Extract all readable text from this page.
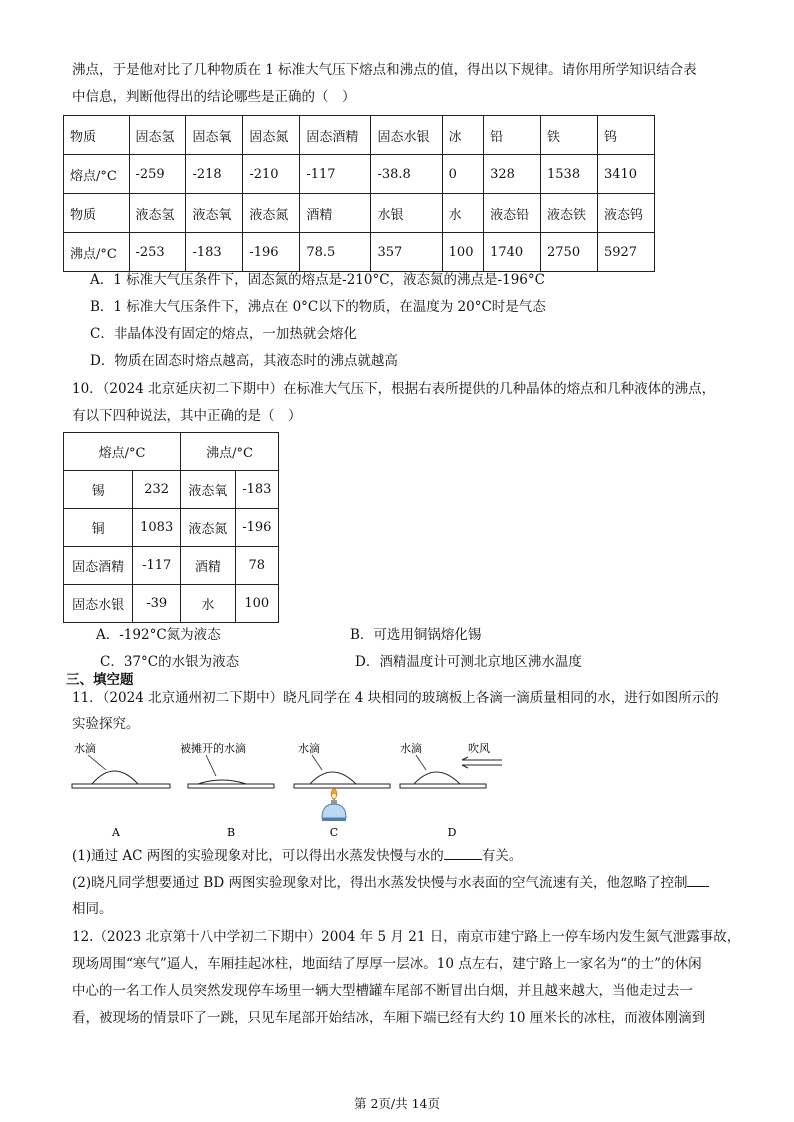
沸点，于是他对比了几种物质在 1 标准大气压下熔点和沸点的值，得出以下规律。请你用所学知识结合表
中信息，判断他得出的结论哪些是正确的（　）
物质	固态氢	固态氧	固态氮	固态酒精	固态水银	冰	铅	铁	钨
熔点/°C	-259	-218	-210	-117	-38.8	0	328	1538	3410
物质	液态氢	液态氧	液态氮	酒精	水银	水	液态铅	液态铁	液态钨
沸点/°C	-253	-183	-196	78.5	357	100	1740	2750	5927
A．1 标准大气压条件下，固态氮的熔点是-210°C，液态氮的沸点是-196°C
B．1 标准大气压条件下，沸点在 0°C以下的物质，在温度为 20°C时是气态
C．非晶体没有固定的熔点，一加热就会熔化
D．物质在固态时熔点越高，其液态时的沸点就越高
10．（2024 北京延庆初二下期中）在标准大气压下，根据右表所提供的几种晶体的熔点和几种液体的沸点，
有以下四种说法，其中正确的是（　）
熔点/°C		沸点/°C	
锡	232	液态氧	-183
铜	1083	液态氮	-196
固态酒精	-117	酒精	78
固态水银	-39	水	100
A．-192°C氮为液态	B．可选用铜锅熔化锡
C．37°C的水银为液态	D．酒精温度计可测北京地区沸水温度
三、填空题
11．（2024 北京通州初二下期中）晓凡同学在 4 块相同的玻璃板上各滴一滴质量相同的水，进行如图所示的
实验探究。
水滴
A
被摊开的水滴
B
水滴
C
水滴	吹风
D
(1)通过 AC 两图的实验现象对比，可以得出水蒸发快慢与水的	有关。
(2)晓凡同学想要通过 BD 两图实验现象对比，得出水蒸发快慢与水表面的空气流速有关，他忽略了控制
相同。
12.（2023 北京第十八中学初二下期中）2004 年 5 月 21 日，南京市建宁路上一停车场内发生氮气泄露事故，
现场周围“寒气”逼人，车厢挂起冰柱，地面结了厚厚一层冰。10 点左右，建宁路上一家名为“的士”的休闲
中心的一名工作人员突然发现停车场里一辆大型槽罐车尾部不断冒出白烟，并且越来越大，当他走过去一
看，被现场的情景吓了一跳，只见车尾部开始结冰，车厢下端已经有大约 10 厘米长的冰柱，而液体刚滴到
第 2页/共 14页
